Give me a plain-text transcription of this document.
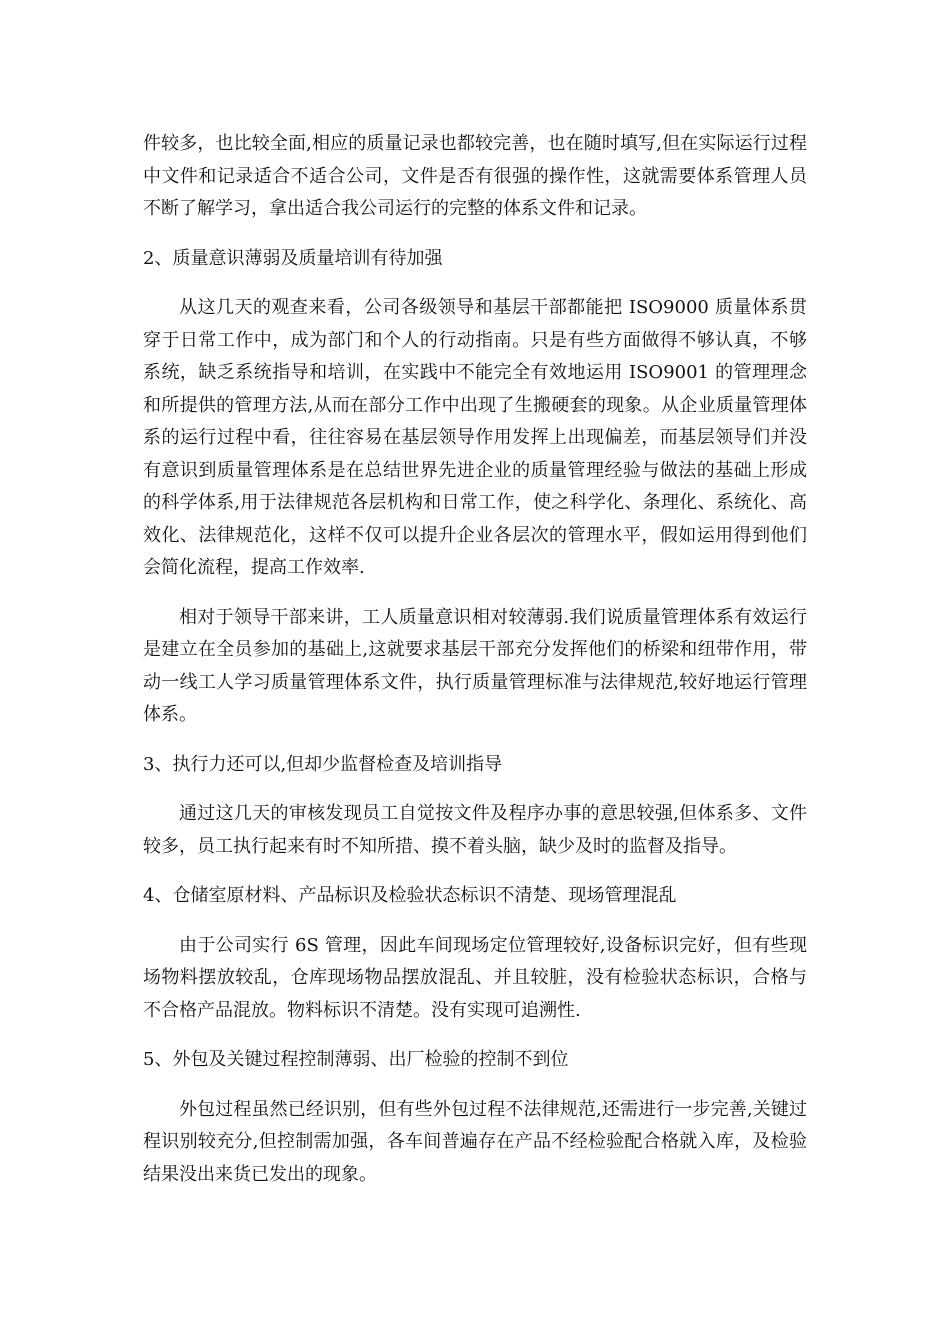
件较多，也比较全面,相应的质量记录也都较完善，也在随时填写,但在实际运行过程中文件和记录适合不适合公司，文件是否有很强的操作性，这就需要体系管理人员不断了解学习，拿出适合我公司运行的完整的体系文件和记录。

2、质量意识薄弱及质量培训有待加强

从这几天的观查来看，公司各级领导和基层干部都能把 ISO9000 质量体系贯穿于日常工作中，成为部门和个人的行动指南。只是有些方面做得不够认真，不够系统，缺乏系统指导和培训，在实践中不能完全有效地运用 ISO9001 的管理理念和所提供的管理方法,从而在部分工作中出现了生搬硬套的现象。从企业质量管理体系的运行过程中看，往往容易在基层领导作用发挥上出现偏差，而基层领导们并没有意识到质量管理体系是在总结世界先进企业的质量管理经验与做法的基础上形成的科学体系,用于法律规范各层机构和日常工作，使之科学化、条理化、系统化、高效化、法律规范化，这样不仅可以提升企业各层次的管理水平，假如运用得到他们会简化流程，提高工作效率.

相对于领导干部来讲，工人质量意识相对较薄弱.我们说质量管理体系有效运行是建立在全员参加的基础上,这就要求基层干部充分发挥他们的桥梁和纽带作用，带动一线工人学习质量管理体系文件，执行质量管理标准与法律规范,较好地运行管理体系。

3、执行力还可以,但却少监督检查及培训指导

通过这几天的审核发现员工自觉按文件及程序办事的意思较强,但体系多、文件较多，员工执行起来有时不知所措、摸不着头脑，缺少及时的监督及指导。

4、仓储室原材料、产品标识及检验状态标识不清楚、现场管理混乱

由于公司实行 6S 管理，因此车间现场定位管理较好,设备标识完好，但有些现场物料摆放较乱，仓库现场物品摆放混乱、并且较脏，没有检验状态标识，合格与不合格产品混放。物料标识不清楚。没有实现可追溯性.

5、外包及关键过程控制薄弱、出厂检验的控制不到位

外包过程虽然已经识别，但有些外包过程不法律规范,还需进行一步完善,关键过程识别较充分,但控制需加强，各车间普遍存在产品不经检验配合格就入库，及检验结果没出来货已发出的现象。
